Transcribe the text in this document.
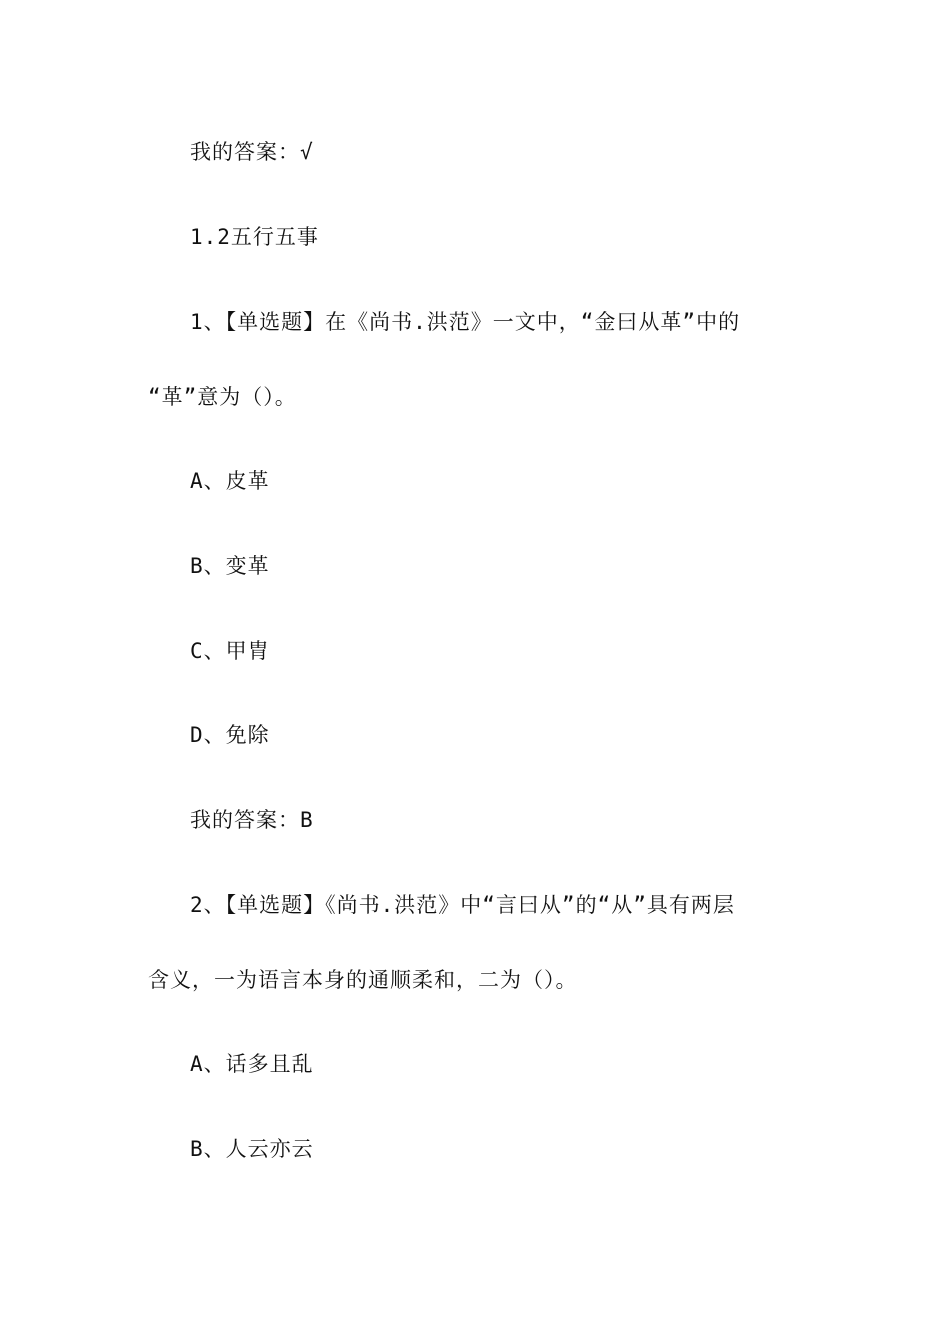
我的答案：√
1.2五行五事
1、【单选题】在《尚书.洪范》一文中，“金曰从革”中的
“革”意为（）。
A、皮革
B、变革
C、甲胄
D、免除
我的答案：B
2、【单选题】《尚书.洪范》中“言曰从”的“从”具有两层
含义，一为语言本身的通顺柔和，二为（）。
A、话多且乱
B、人云亦云
